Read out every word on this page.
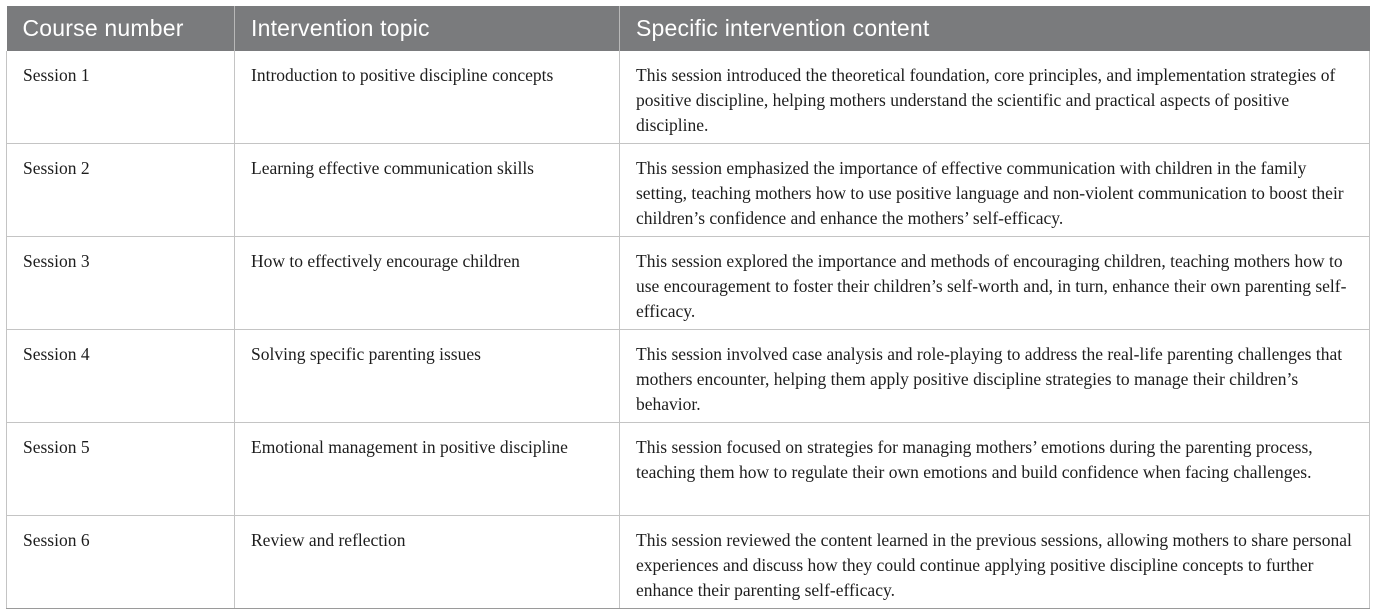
Course number	Intervention topic	Specific intervention content
Session 1	Introduction to positive discipline concepts	This session introduced the theoretical foundation, core principles, and implementation strategies of positive discipline, helping mothers understand the scientific and practical aspects of positive discipline.
Session 2	Learning effective communication skills	This session emphasized the importance of effective communication with children in the family setting, teaching mothers how to use positive language and non-violent communication to boost their children’s confidence and enhance the mothers’ self-efficacy.
Session 3	How to effectively encourage children	This session explored the importance and methods of encouraging children, teaching mothers how to use encouragement to foster their children’s self-worth and, in turn, enhance their own parenting self-efficacy.
Session 4	Solving specific parenting issues	This session involved case analysis and role-playing to address the real-life parenting challenges that mothers encounter, helping them apply positive discipline strategies to manage their children’s behavior.
Session 5	Emotional management in positive discipline	This session focused on strategies for managing mothers’ emotions during the parenting process, teaching them how to regulate their own emotions and build confidence when facing challenges.
Session 6	Review and reflection	This session reviewed the content learned in the previous sessions, allowing mothers to share personal experiences and discuss how they could continue applying positive discipline concepts to further enhance their parenting self-efficacy.
